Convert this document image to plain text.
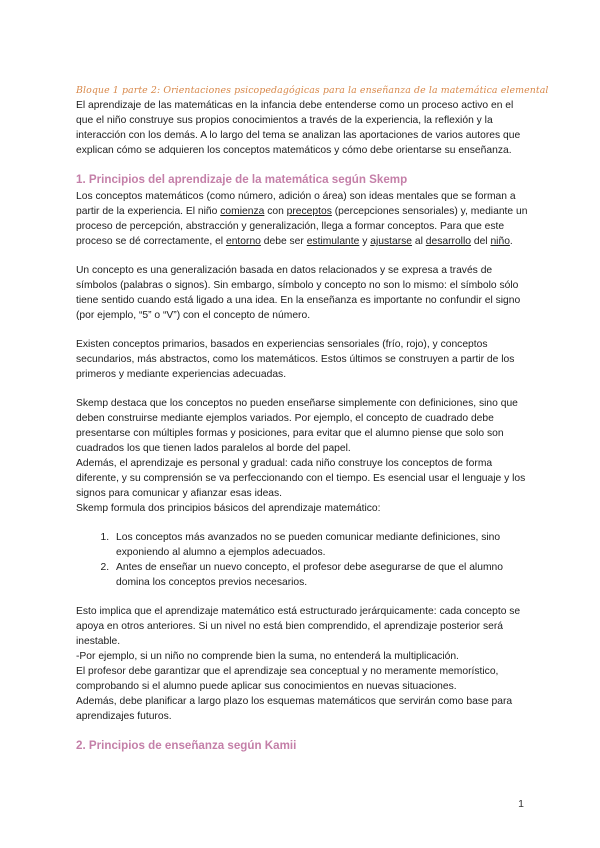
Bloque 1 parte 2: Orientaciones psicopedagógicas para la enseñanza de la matemática elemental

El aprendizaje de las matemáticas en la infancia debe entenderse como un proceso activo en el que el niño construye sus propios conocimientos a través de la experiencia, la reflexión y la interacción con los demás. A lo largo del tema se analizan las aportaciones de varios autores que explican cómo se adquieren los conceptos matemáticos y cómo debe orientarse su enseñanza.

1. Principios del aprendizaje de la matemática según Skemp

Los conceptos matemáticos (como número, adición o área) son ideas mentales que se forman a partir de la experiencia. El niño comienza con preceptos (percepciones sensoriales) y, mediante un proceso de percepción, abstracción y generalización, llega a formar conceptos. Para que este proceso se dé correctamente, el entorno debe ser estimulante y ajustarse al desarrollo del niño.

Un concepto es una generalización basada en datos relacionados y se expresa a través de símbolos (palabras o signos). Sin embargo, símbolo y concepto no son lo mismo: el símbolo sólo tiene sentido cuando está ligado a una idea. En la enseñanza es importante no confundir el signo (por ejemplo, “5” o “V”) con el concepto de número.

Existen conceptos primarios, basados en experiencias sensoriales (frío, rojo), y conceptos secundarios, más abstractos, como los matemáticos. Estos últimos se construyen a partir de los primeros y mediante experiencias adecuadas.

Skemp destaca que los conceptos no pueden enseñarse simplemente con definiciones, sino que deben construirse mediante ejemplos variados. Por ejemplo, el concepto de cuadrado debe presentarse con múltiples formas y posiciones, para evitar que el alumno piense que solo son cuadrados los que tienen lados paralelos al borde del papel.

Además, el aprendizaje es personal y gradual: cada niño construye los conceptos de forma diferente, y su comprensión se va perfeccionando con el tiempo. Es esencial usar el lenguaje y los signos para comunicar y afianzar esas ideas.

Skemp formula dos principios básicos del aprendizaje matemático:

1. Los conceptos más avanzados no se pueden comunicar mediante definiciones, sino exponiendo al alumno a ejemplos adecuados.
2. Antes de enseñar un nuevo concepto, el profesor debe asegurarse de que el alumno domina los conceptos previos necesarios.

Esto implica que el aprendizaje matemático está estructurado jerárquicamente: cada concepto se apoya en otros anteriores. Si un nivel no está bien comprendido, el aprendizaje posterior será inestable.

-Por ejemplo, si un niño no comprende bien la suma, no entenderá la multiplicación.

El profesor debe garantizar que el aprendizaje sea conceptual y no meramente memorístico, comprobando si el alumno puede aplicar sus conocimientos en nuevas situaciones.

Además, debe planificar a largo plazo los esquemas matemáticos que servirán como base para aprendizajes futuros.

2. Principios de enseñanza según Kamii
1
